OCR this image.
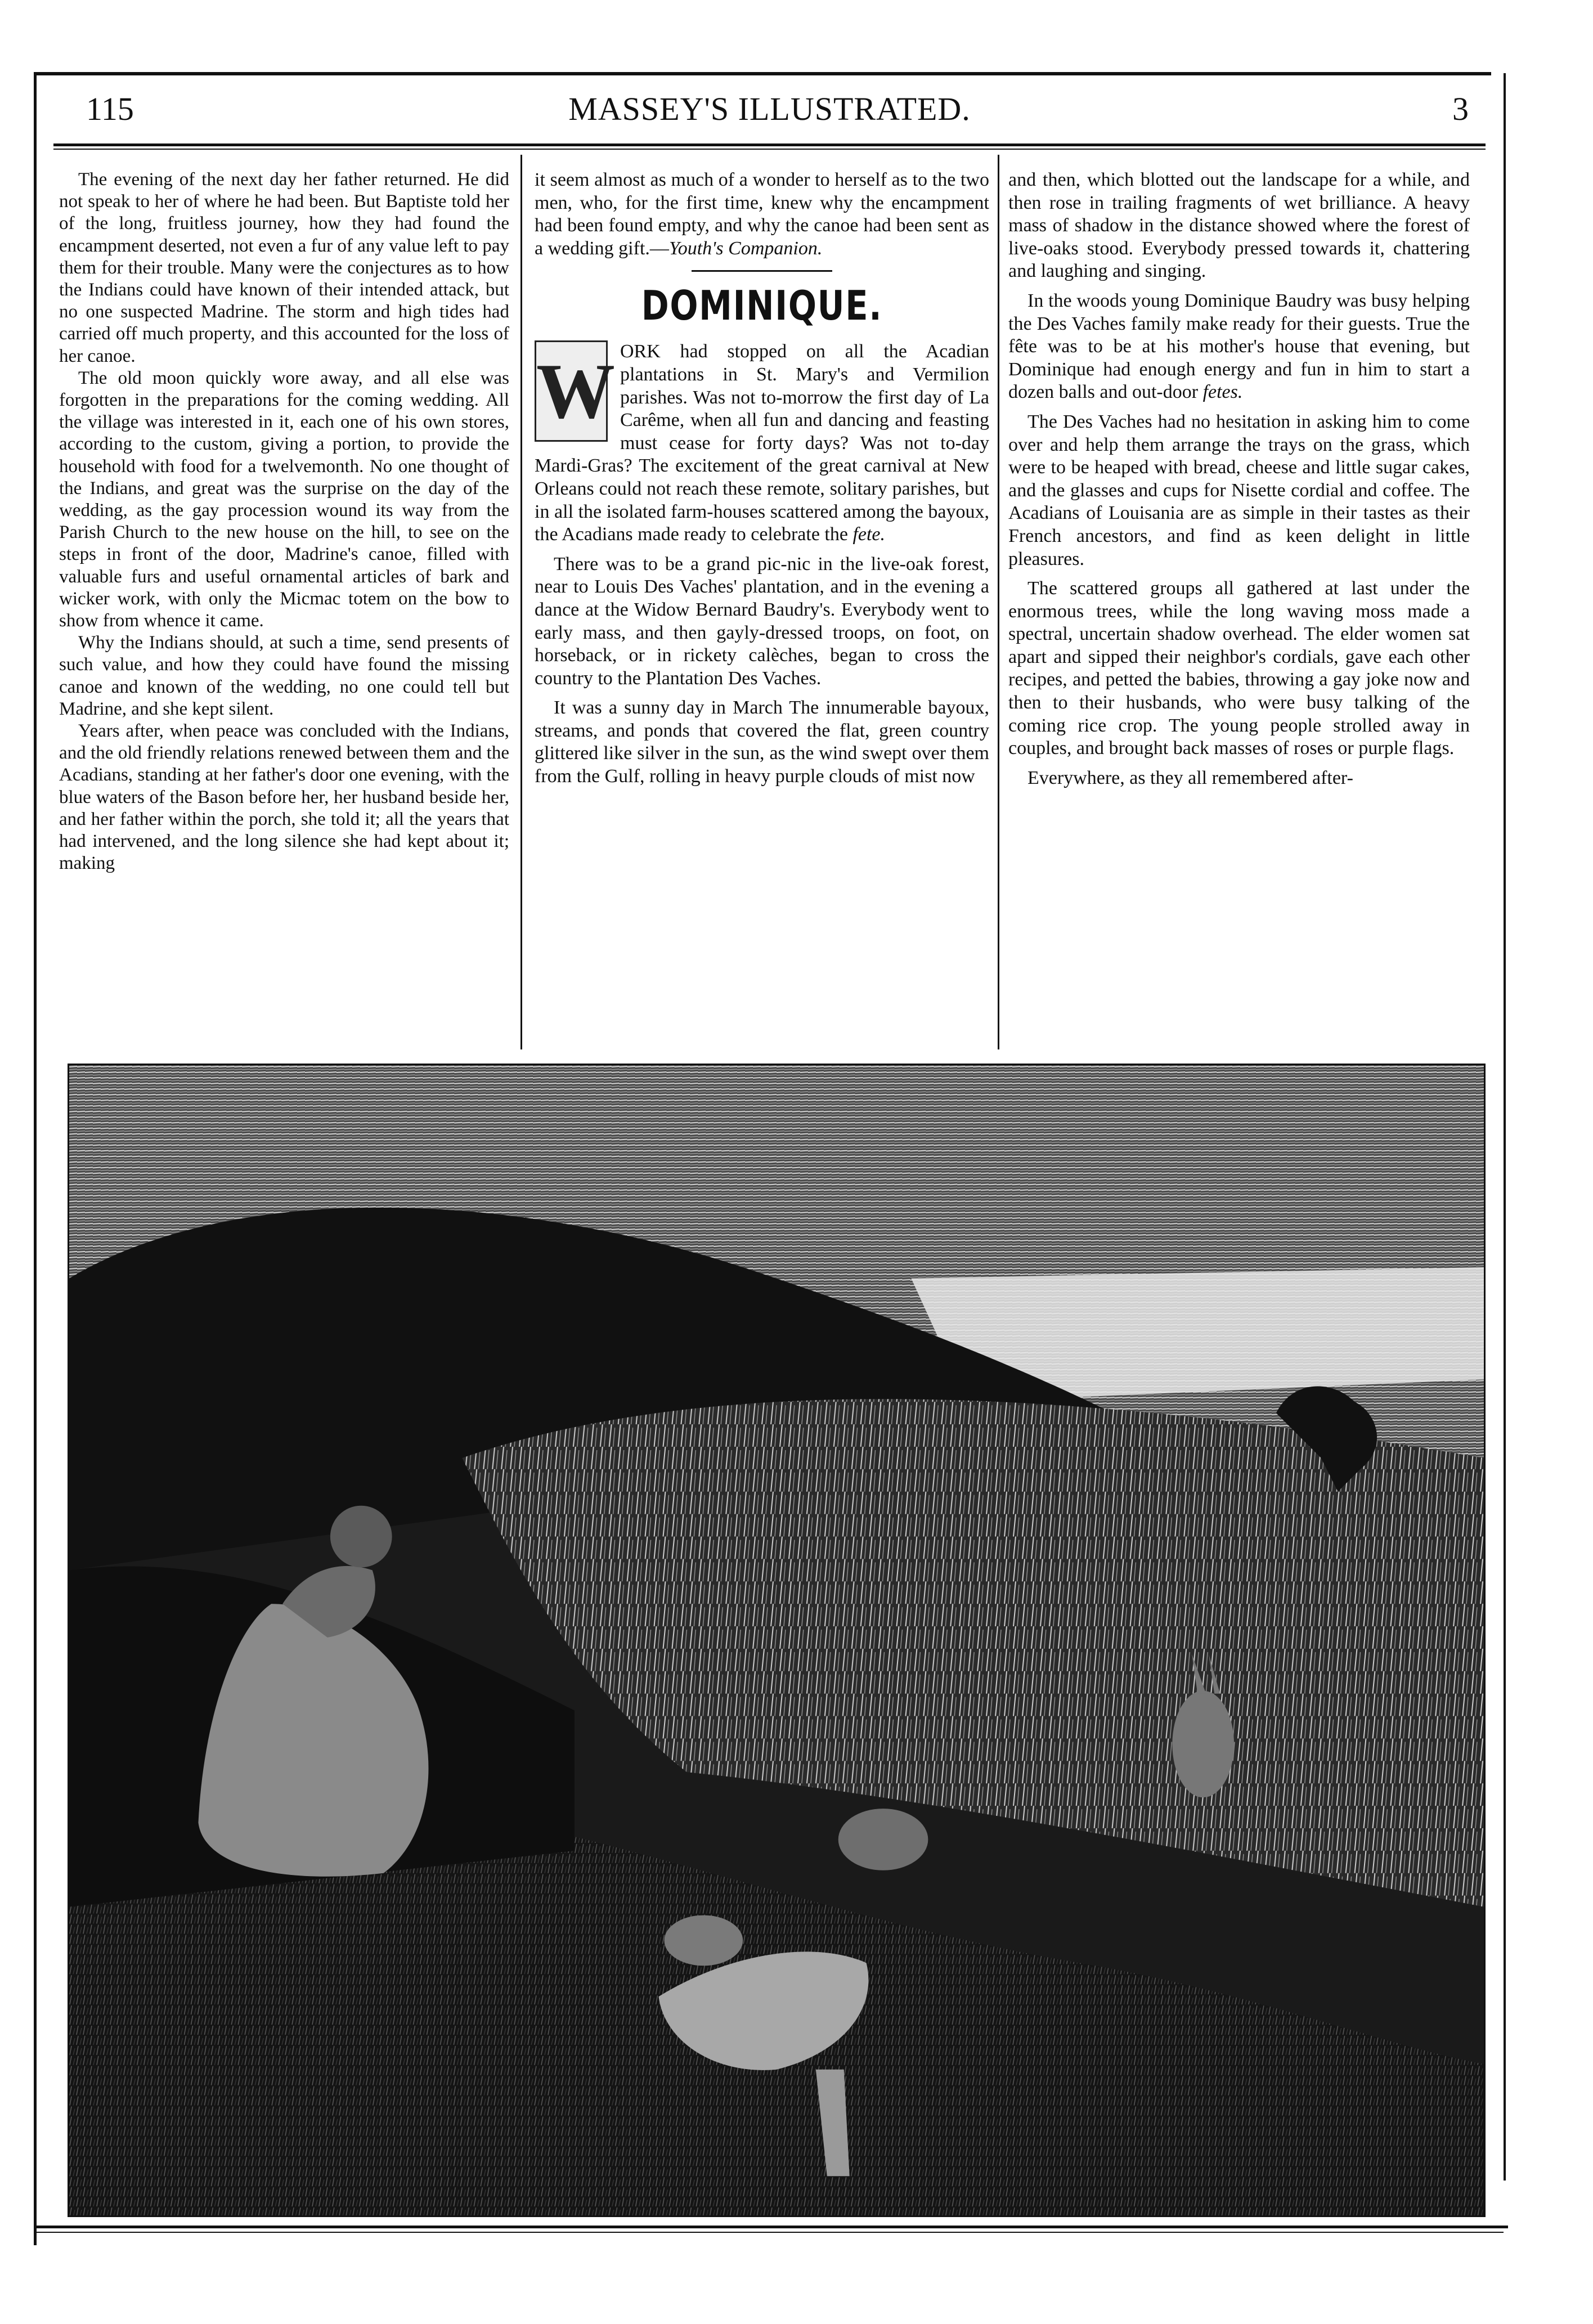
115	MASSEY'S ILLUSTRATED.	3

The evening of the next day her father returned. He did not speak to her of where he had been. But Baptiste told her of the long, fruitless journey, how they had found the encampment deserted, not even a fur of any value left to pay them for their trouble. Many were the conjectures as to how the Indians could have known of their intended attack, but no one suspected Madrine. The storm and high tides had carried off much property, and this accounted for the loss of her canoe.

The old moon quickly wore away, and all else was forgotten in the preparations for the coming wedding. All the village was interested in it, each one of his own stores, according to the custom, giving a portion, to provide the household with food for a twelvemonth. No one thought of the Indians, and great was the surprise on the day of the wedding, as the gay procession wound its way from the Parish Church to the new house on the hill, to see on the steps in front of the door, Madrine's canoe, filled with valuable furs and useful ornamental articles of bark and wicker work, with only the Micmac totem on the bow to show from whence it came.

Why the Indians should, at such a time, send presents of such value, and how they could have found the missing canoe and known of the wedding, no one could tell but Madrine, and she kept silent.

Years after, when peace was concluded with the Indians, and the old friendly relations renewed between them and the Acadians, standing at her father's door one evening, with the blue waters of the Bason before her, her husband beside her, and her father within the porch, she told it; all the years that had intervened, and the long silence she had kept about it; making

it seem almost as much of a wonder to herself as to the two men, who, for the first time, knew why the encampment had been found empty, and why the canoe had been sent as a wedding gift.—Youth's Companion.

DOMINIQUE.

W ORK had stopped on all the Acadian plantations in St. Mary's and Vermilion parishes. Was not to-morrow the first day of La Carême, when all fun and dancing and feasting must cease for forty days? Was not to-day Mardi-Gras? The excitement of the great carnival at New Orleans could not reach these remote, solitary parishes, but in all the isolated farm-houses scattered among the bayoux, the Acadians made ready to celebrate the fete.

There was to be a grand pic-nic in the live-oak forest, near to Louis Des Vaches' plantation, and in the evening a dance at the Widow Bernard Baudry's. Everybody went to early mass, and then gayly-dressed troops, on foot, on horseback, or in rickety calèches, began to cross the country to the Plantation Des Vaches.

It was a sunny day in March The innumerable bayoux, streams, and ponds that covered the flat, green country glittered like silver in the sun, as the wind swept over them from the Gulf, rolling in heavy purple clouds of mist now

and then, which blotted out the landscape for a while, and then rose in trailing fragments of wet brilliance. A heavy mass of shadow in the distance showed where the forest of live-oaks stood. Everybody pressed towards it, chattering and laughing and singing.

In the woods young Dominique Baudry was busy helping the Des Vaches family make ready for their guests. True the fête was to be at his mother's house that evening, but Dominique had enough energy and fun in him to start a dozen balls and out-door fetes.

The Des Vaches had no hesitation in asking him to come over and help them arrange the trays on the grass, which were to be heaped with bread, cheese and little sugar cakes, and the glasses and cups for Nisette cordial and coffee. The Acadians of Louisania are as simple in their tastes as their French ancestors, and find as keen delight in little pleasures.

The scattered groups all gathered at last under the enormous trees, while the long waving moss made a spectral, uncertain shadow overhead. The elder women sat apart and sipped their neighbor's cordials, gave each other recipes, and petted the babies, throwing a gay joke now and then to their husbands, who were busy talking of the coming rice crop. The young people strolled away in couples, and brought back masses of roses or purple flags.

Everywhere, as they all remembered after-
